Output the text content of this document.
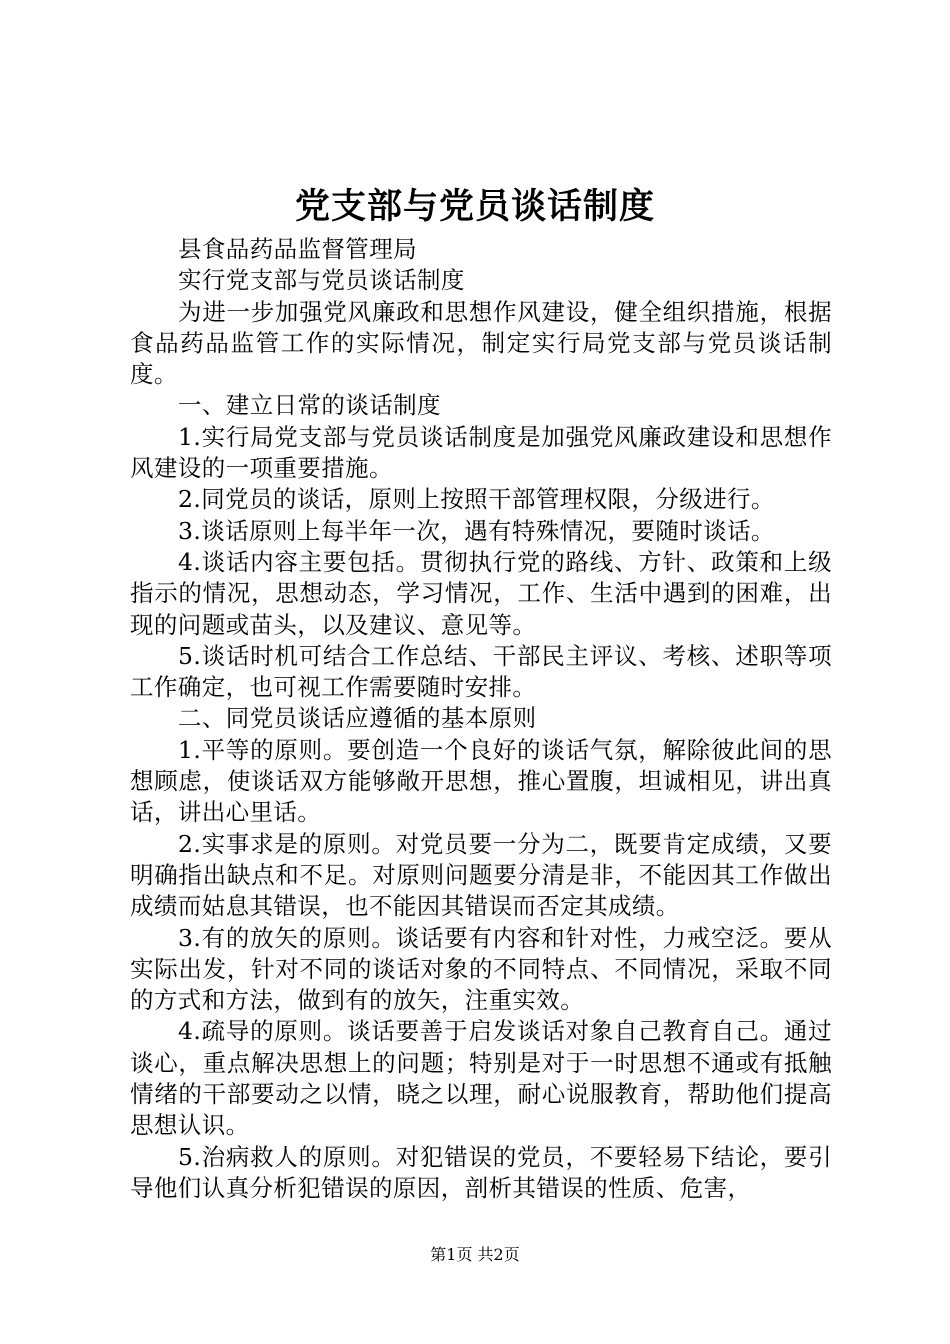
党支部与党员谈话制度

县食品药品监督管理局

实行党支部与党员谈话制度

为进一步加强党风廉政和思想作风建设，健全组织措施，根据食品药品监管工作的实际情况，制定实行局党支部与党员谈话制度。

一、建立日常的谈话制度

1.实行局党支部与党员谈话制度是加强党风廉政建设和思想作风建设的一项重要措施。

2.同党员的谈话，原则上按照干部管理权限，分级进行。

3.谈话原则上每半年一次，遇有特殊情况，要随时谈话。

4.谈话内容主要包括。贯彻执行党的路线、方针、政策和上级指示的情况，思想动态，学习情况，工作、生活中遇到的困难，出现的问题或苗头，以及建议、意见等。

5.谈话时机可结合工作总结、干部民主评议、考核、述职等项工作确定，也可视工作需要随时安排。

二、同党员谈话应遵循的基本原则

1.平等的原则。要创造一个良好的谈话气氛，解除彼此间的思想顾虑，使谈话双方能够敞开思想，推心置腹，坦诚相见，讲出真话，讲出心里话。

2.实事求是的原则。对党员要一分为二，既要肯定成绩，又要明确指出缺点和不足。对原则问题要分清是非，不能因其工作做出成绩而姑息其错误，也不能因其错误而否定其成绩。

3.有的放矢的原则。谈话要有内容和针对性，力戒空泛。要从实际出发，针对不同的谈话对象的不同特点、不同情况，采取不同的方式和方法，做到有的放矢，注重实效。

4.疏导的原则。谈话要善于启发谈话对象自己教育自己。通过谈心，重点解决思想上的问题；特别是对于一时思想不通或有抵触情绪的干部要动之以情，晓之以理，耐心说服教育，帮助他们提高思想认识。

5.治病救人的原则。对犯错误的党员，不要轻易下结论，要引导他们认真分析犯错误的原因，剖析其错误的性质、危害，

第1页 共2页
